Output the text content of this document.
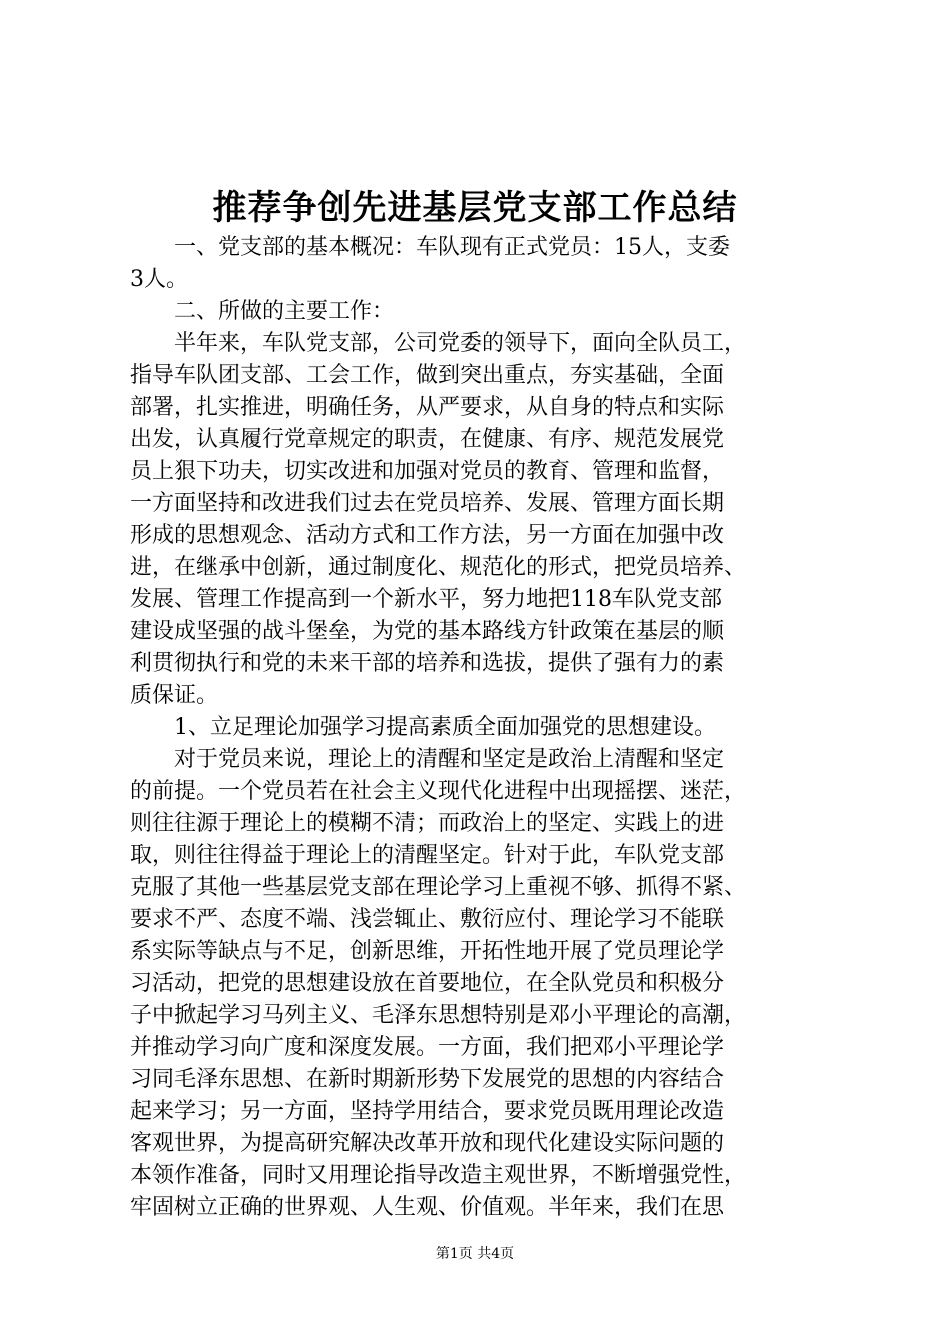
推荐争创先进基层党支部工作总结

一、党支部的基本概况：车队现有正式党员：15人，支委
3人。

二、所做的主要工作：

半年来，车队党支部，公司党委的领导下，面向全队员工，
指导车队团支部、工会工作，做到突出重点，夯实基础，全面
部署，扎实推进，明确任务，从严要求，从自身的特点和实际
出发，认真履行党章规定的职责，在健康、有序、规范发展党
员上狠下功夫，切实改进和加强对党员的教育、管理和监督，
一方面坚持和改进我们过去在党员培养、发展、管理方面长期
形成的思想观念、活动方式和工作方法，另一方面在加强中改
进，在继承中创新，通过制度化、规范化的形式，把党员培养、
发展、管理工作提高到一个新水平，努力地把118车队党支部
建设成坚强的战斗堡垒，为党的基本路线方针政策在基层的顺
利贯彻执行和党的未来干部的培养和选拔，提供了强有力的素
质保证。

1、立足理论加强学习提高素质全面加强党的思想建设。

对于党员来说，理论上的清醒和坚定是政治上清醒和坚定
的前提。一个党员若在社会主义现代化进程中出现摇摆、迷茫，
则往往源于理论上的模糊不清；而政治上的坚定、实践上的进
取，则往往得益于理论上的清醒坚定。针对于此，车队党支部
克服了其他一些基层党支部在理论学习上重视不够、抓得不紧、
要求不严、态度不端、浅尝辄止、敷衍应付、理论学习不能联
系实际等缺点与不足，创新思维，开拓性地开展了党员理论学
习活动，把党的思想建设放在首要地位，在全队党员和积极分
子中掀起学习马列主义、毛泽东思想特别是邓小平理论的高潮，
并推动学习向广度和深度发展。一方面，我们把邓小平理论学
习同毛泽东思想、在新时期新形势下发展党的思想的内容结合
起来学习；另一方面，坚持学用结合，要求党员既用理论改造
客观世界，为提高研究解决改革开放和现代化建设实际问题的
本领作准备，同时又用理论指导改造主观世界，不断增强党性，
牢固树立正确的世界观、人生观、价值观。半年来，我们在思

第1页 共4页
